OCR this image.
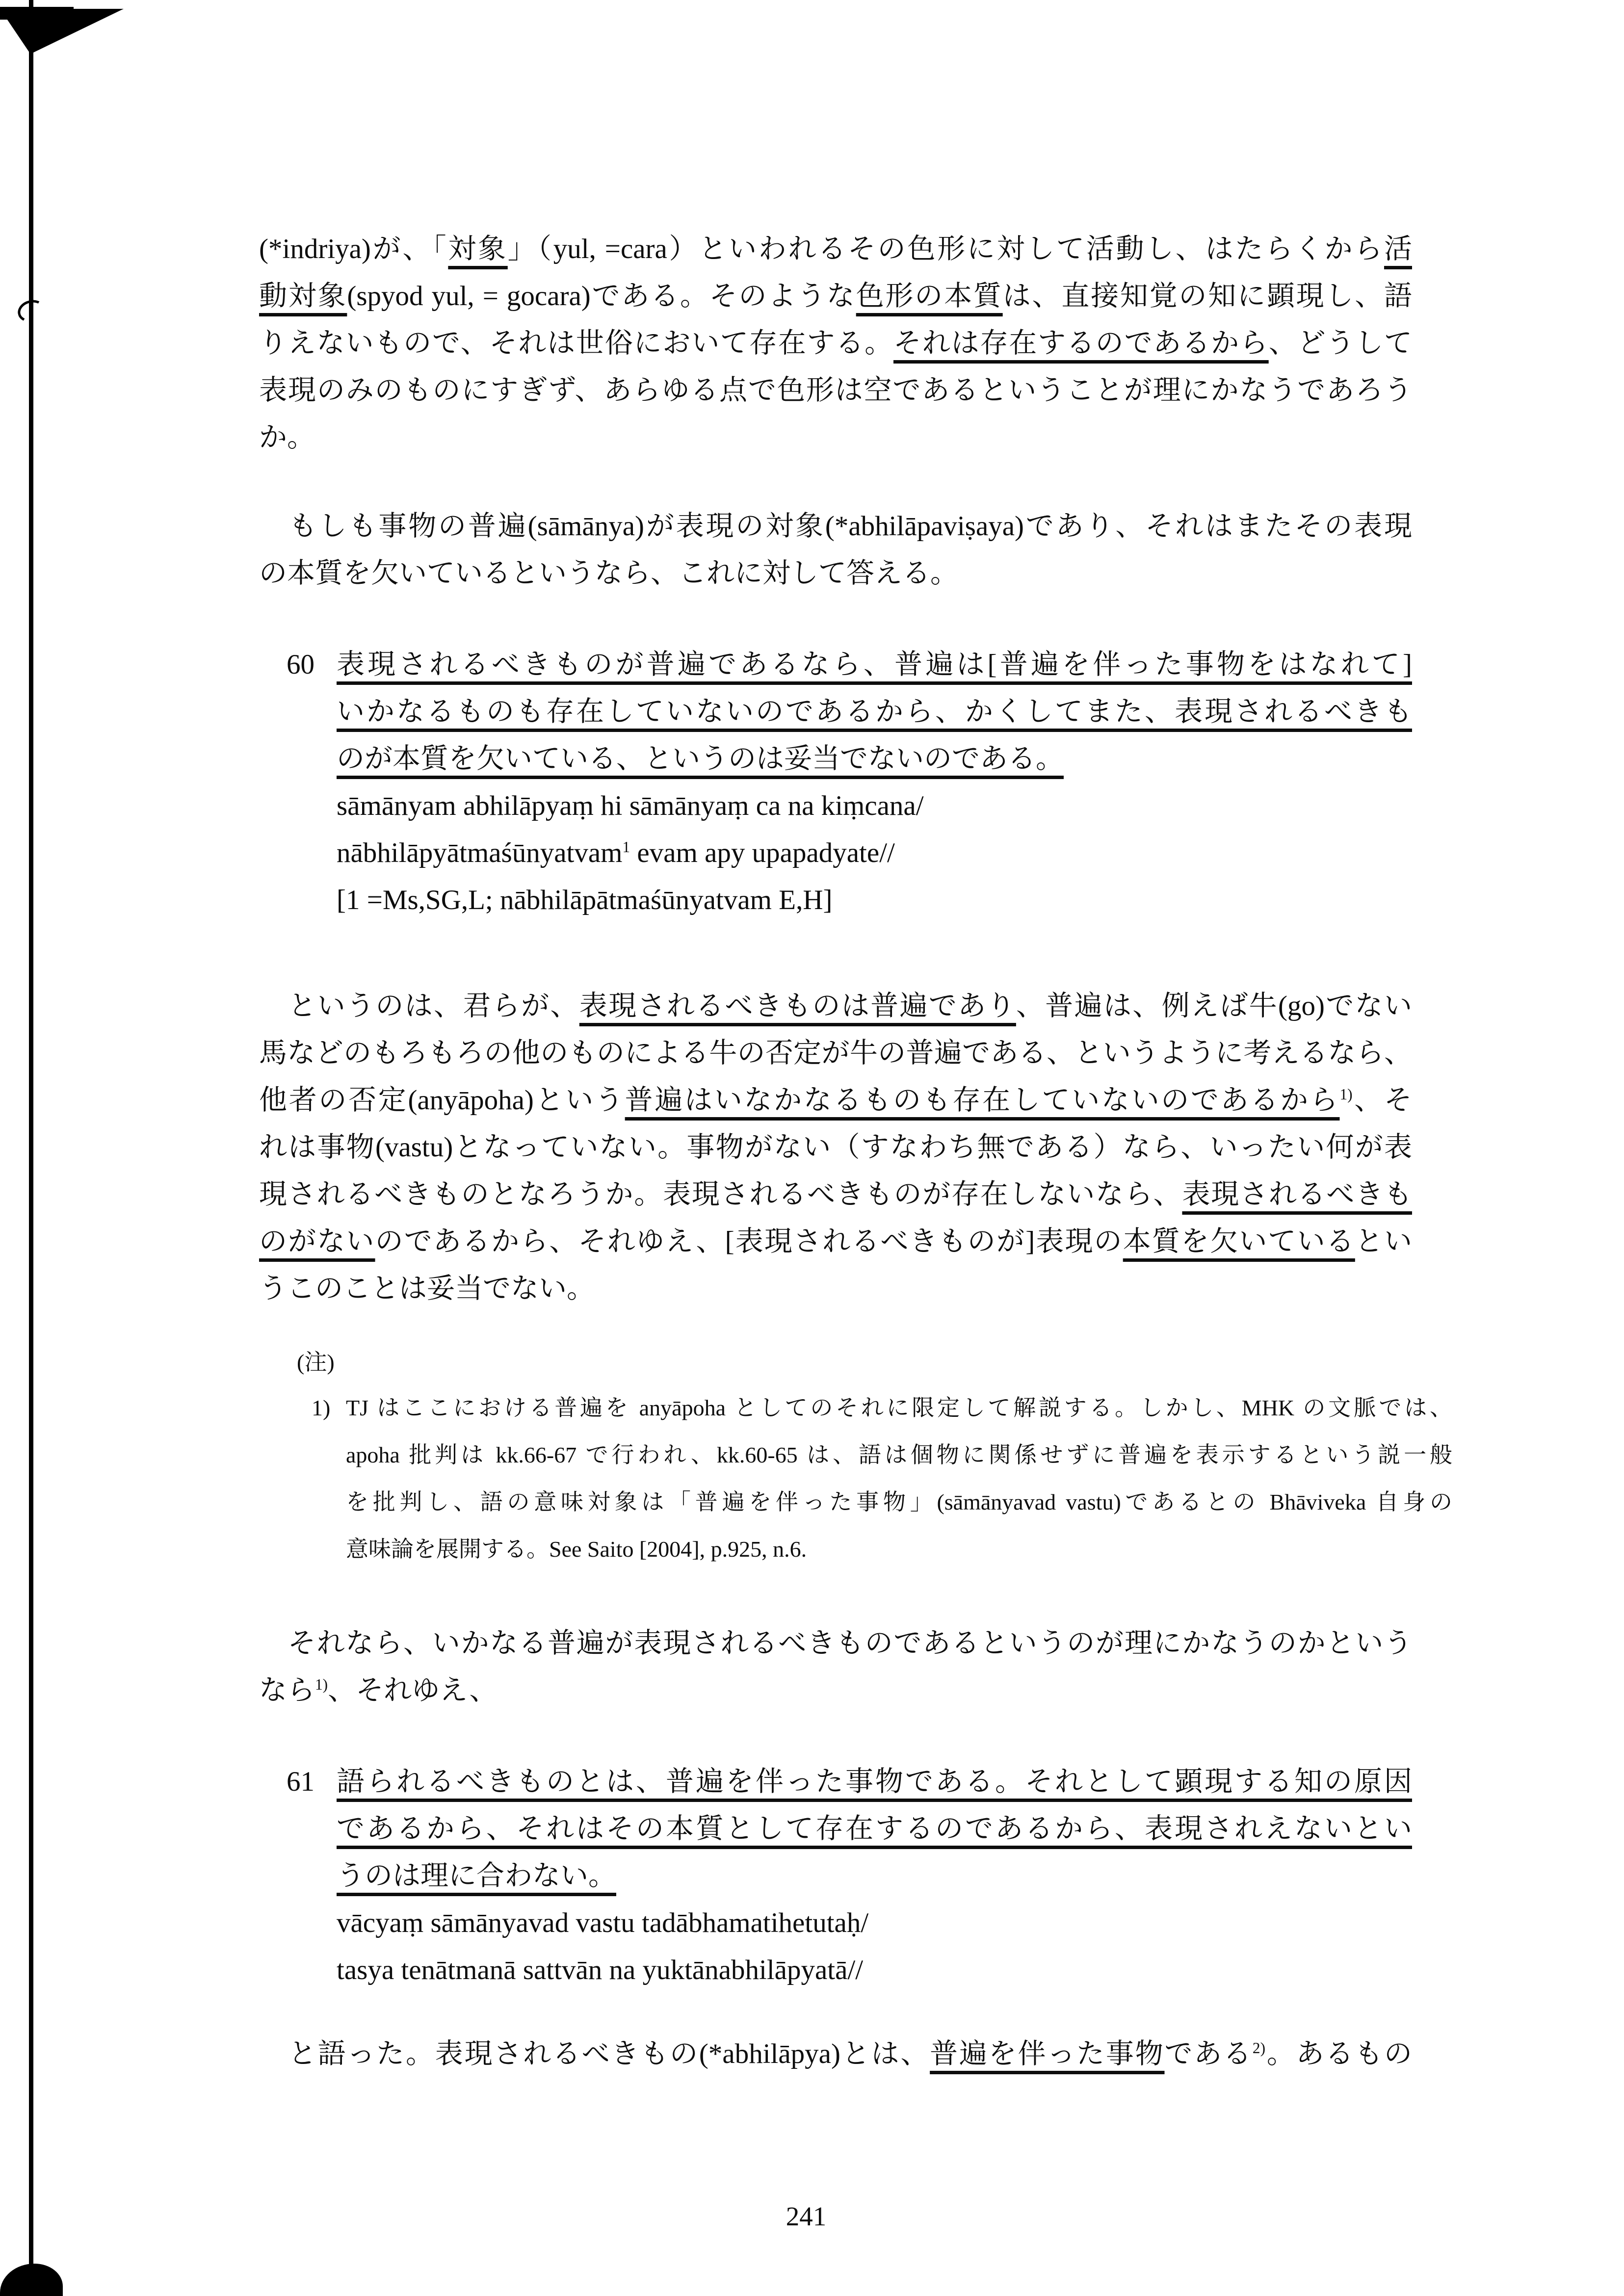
(*indriya)が、「対象」（yul, =cara）といわれるその色形に対して活動し、はたらくから活
動対象(spyod yul, = gocara)である。そのような色形の本質は、直接知覚の知に顕現し、語
りえないもので、それは世俗において存在する。それは存在するのであるから、どうして
表現のみのものにすぎず、あらゆる点で色形は空であるということが理にかなうであろう
か。
　もしも事物の普遍(sāmānya)が表現の対象(*abhilāpaviṣaya)であり、それはまたその表現
の本質を欠いているというなら、これに対して答える。
60 表現されるべきものが普遍であるなら、普遍は[普遍を伴った事物をはなれて]
いかなるものも存在していないのであるから、かくしてまた、表現されるべきも
のが本質を欠いている、というのは妥当でないのである。
sāmānyam abhilāpyaṃ hi sāmānyaṃ ca na kiṃcana/
nābhilāpyātmaśūnyatvam$^1$ evam apy upapadyate//
[1 =Ms,SG,L; nābhilāpātmaśūnyatvam E,H]
　というのは、君らが、表現されるべきものは普遍であり、普遍は、例えば牛(go)でない
馬などのもろもろの他のものによる牛の否定が牛の普遍である、というように考えるなら、
他者の否定(anyāpoha)という普遍はいなかなるものも存在していないのであるから$^{1)}$、そ
れは事物(vastu)となっていない。事物がない（すなわち無である）なら、いったい何が表
現されるべきものとなろうか。表現されるべきものが存在しないなら、表現されるべきも
のがないのであるから、それゆえ、[表現されるべきものが]表現の本質を欠いているとい
うこのことは妥当でない。
(注)
1) TJ はここにおける普遍を anyāpoha としてのそれに限定して解説する。しかし、MHK の文脈では、
apoha 批判は kk.66-67 で行われ、kk.60-65 は、語は個物に関係せずに普遍を表示するという説一般
を批判し、語の意味対象は「普遍を伴った事物」(sāmānyavad vastu)であるとの Bhāviveka 自身の
意味論を展開する。See Saito [2004], p.925, n.6.
　それなら、いかなる普遍が表現されるべきものであるというのが理にかなうのかという
なら$^{1)}$、それゆえ、
61 語られるべきものとは、普遍を伴った事物である。それとして顕現する知の原因
であるから、それはその本質として存在するのであるから、表現されえないとい
うのは理に合わない。
vācyaṃ sāmānyavad vastu tadābhamatihetutaḥ/
tasya tenātmanā sattvān na yuktānabhilāpyatā//
　と語った。表現されるべきもの(*abhilāpya)とは、普遍を伴った事物である$^{2)}$。あるもの
241
